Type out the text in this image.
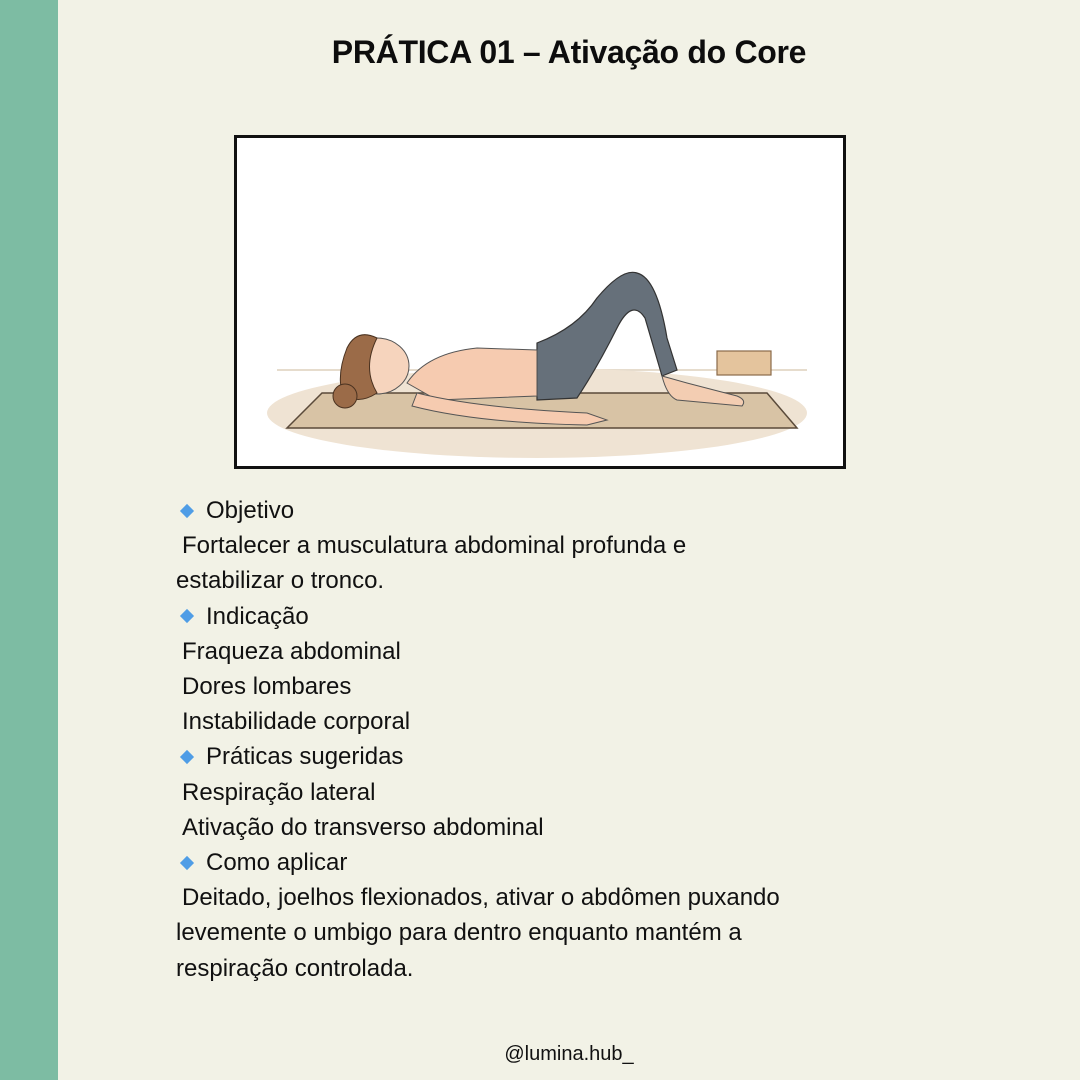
PRÁTICA 01 – Ativação do Core
Objetivo
Fortalecer a musculatura abdominal profunda e
estabilizar o tronco.
Indicação
Fraqueza abdominal
Dores lombares
Instabilidade corporal
Práticas sugeridas
Respiração lateral
Ativação do transverso abdominal
Como aplicar
Deitado, joelhos flexionados, ativar o abdômen puxando
levemente o umbigo para dentro enquanto mantém a
respiração controlada.
@lumina.hub_
